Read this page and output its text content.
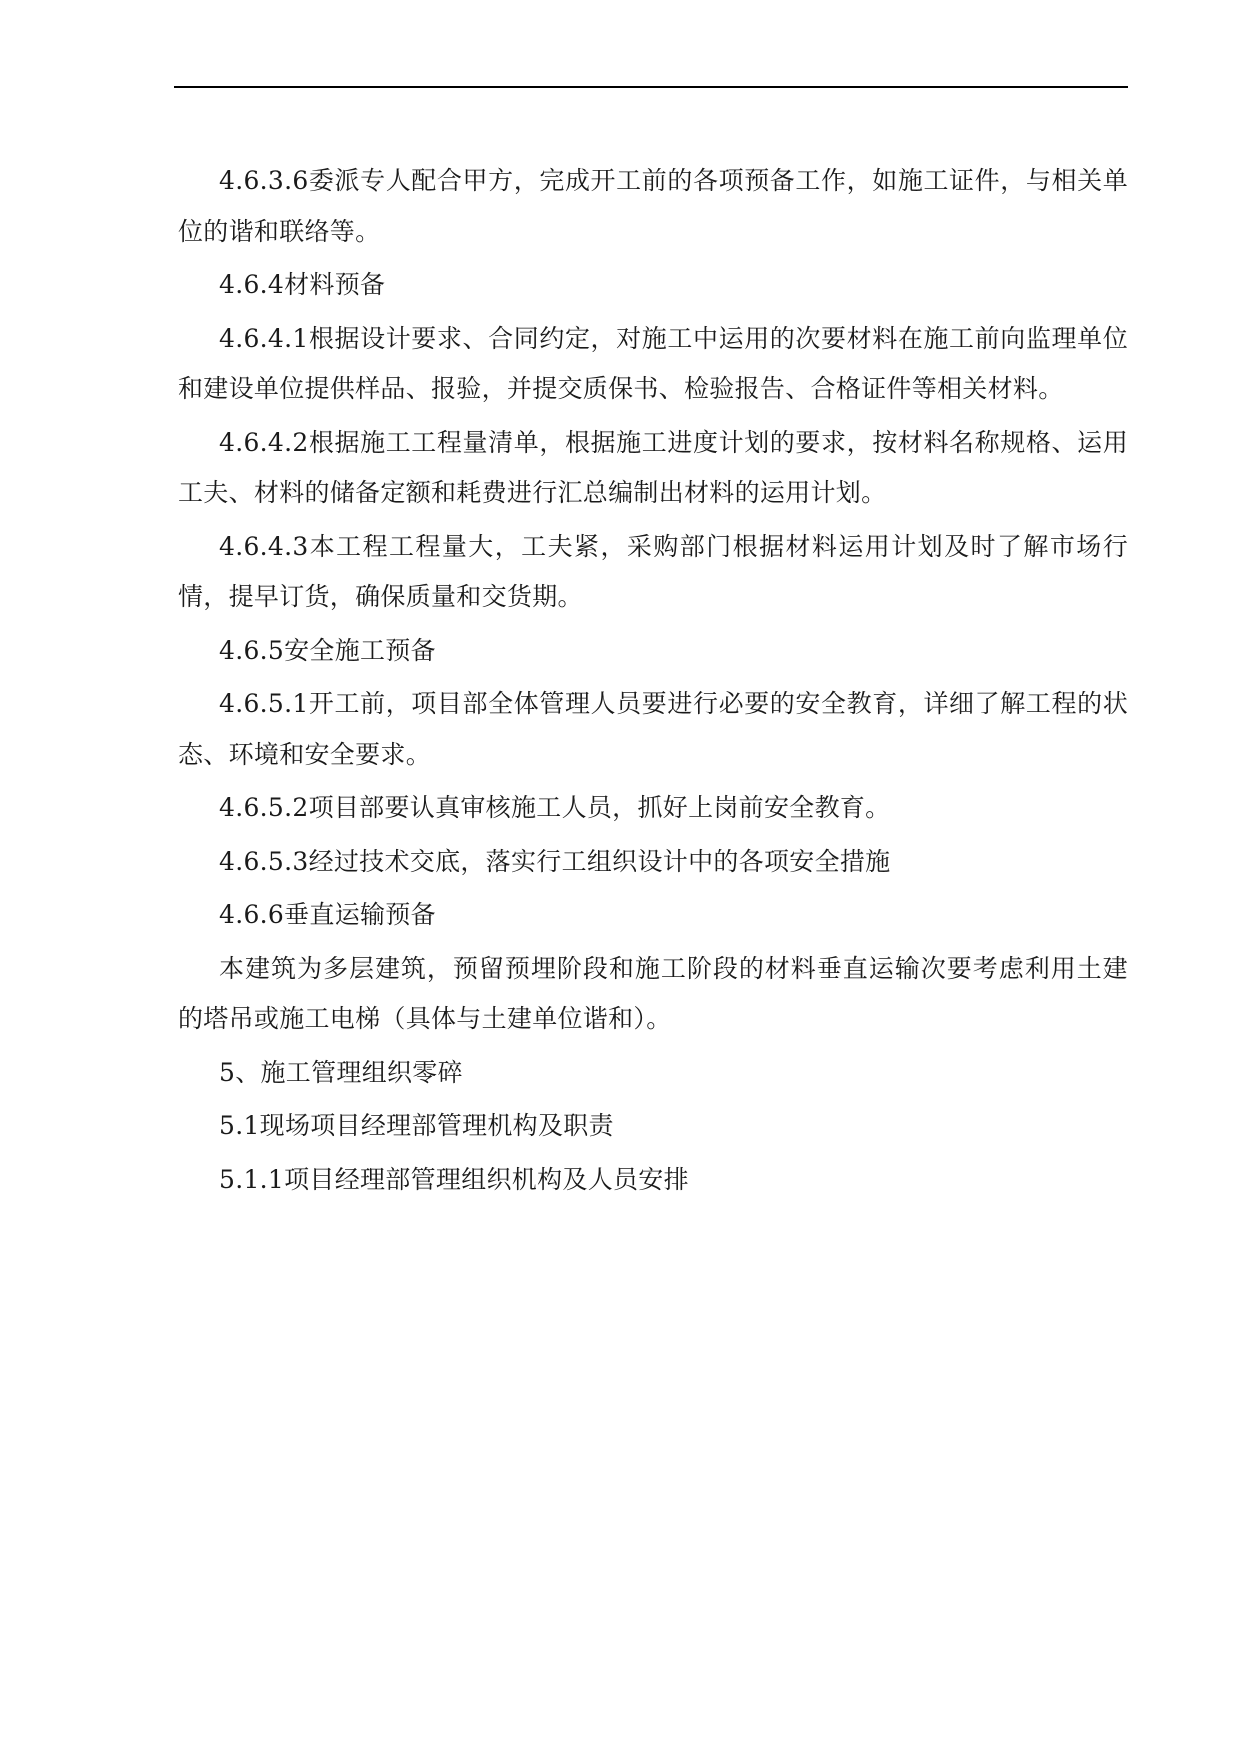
4.6.3.6委派专人配合甲方，完成开工前的各项预备工作，如施工证件，与相关单位的谐和联络等。

4.6.4材料预备

4.6.4.1根据设计要求、合同约定，对施工中运用的次要材料在施工前向监理单位和建设单位提供样品、报验，并提交质保书、检验报告、合格证件等相关材料。

4.6.4.2根据施工工程量清单，根据施工进度计划的要求，按材料名称规格、运用工夫、材料的储备定额和耗费进行汇总编制出材料的运用计划。

4.6.4.3本工程工程量大，工夫紧，采购部门根据材料运用计划及时了解市场行情，提早订货，确保质量和交货期。

4.6.5安全施工预备

4.6.5.1开工前，项目部全体管理人员要进行必要的安全教育，详细了解工程的状态、环境和安全要求。

4.6.5.2项目部要认真审核施工人员，抓好上岗前安全教育。

4.6.5.3经过技术交底，落实行工组织设计中的各项安全措施

4.6.6垂直运输预备

本建筑为多层建筑，预留预埋阶段和施工阶段的材料垂直运输次要考虑利用土建的塔吊或施工电梯（具体与土建单位谐和）。

5、施工管理组织零碎

5.1现场项目经理部管理机构及职责

5.1.1项目经理部管理组织机构及人员安排
